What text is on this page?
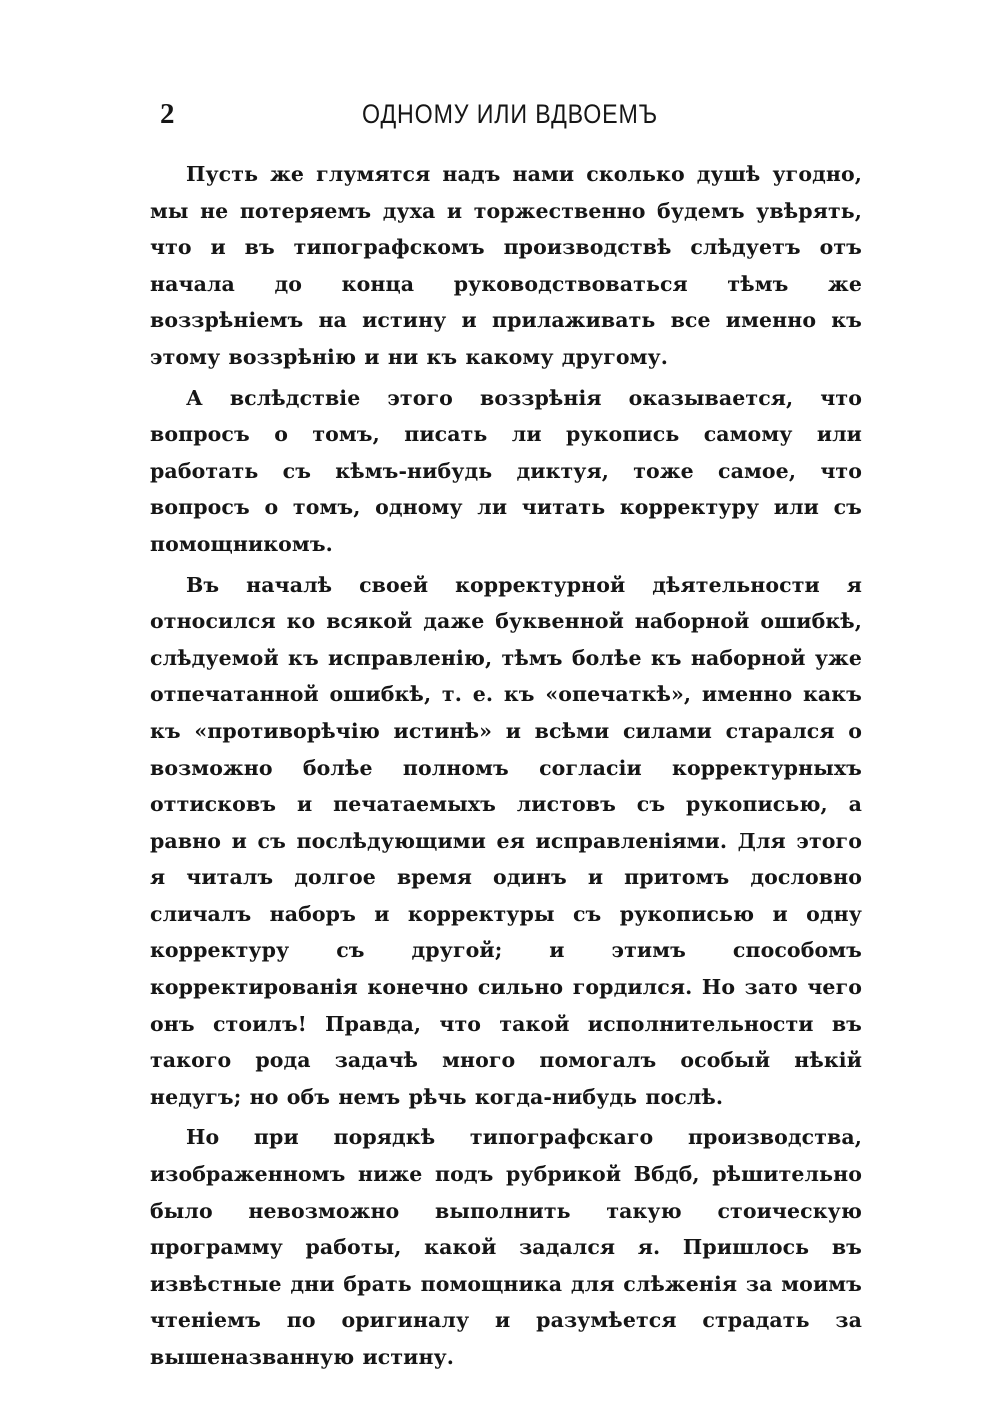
2	ОДНОМУ ИЛИ ВДВОЕМЪ

Пусть же глумятся надъ нами сколько душѣ угодно, мы не потеряемъ духа и торжественно будемъ увѣрять, что и въ типографскомъ производствѣ слѣдуетъ отъ начала до конца руководствоваться тѣмъ же воззрѣніемъ на истину и прилаживать все именно къ этому воззрѣнію и ни къ какому другому.

А вслѣдствіе этого воззрѣнія оказывается, что вопросъ о томъ, писать ли рукопись самому или работать съ кѣмъ-нибудь диктуя, тоже самое, что вопросъ о томъ, одному ли читать корректуру или съ помощникомъ.

Въ началѣ своей корректурной дѣятельности я относился ко всякой даже буквенной наборной ошибкѣ, слѣдуемой къ исправленію, тѣмъ болѣе къ наборной уже отпечатанной ошибкѣ, т. е. къ «опечаткѣ», именно какъ къ «противорѣчію истинѣ» и всѣми силами старался о возможно болѣе полномъ согласіи корректурныхъ оттисковъ и печатаемыхъ листовъ съ рукописью, а равно и съ послѣдующими ея исправленіями. Для этого я читалъ долгое время одинъ и притомъ дословно сличалъ наборъ и корректуры съ рукописью и одну корректуру съ другой; и этимъ способомъ корректированія конечно сильно гордился. Но зато чего онъ стоилъ! Правда, что такой исполнительности въ такого рода задачѣ много помогалъ особый нѣкій недугъ; но объ немъ рѣчь когда-нибудь послѣ.

Но при порядкѣ типографскаго производства, изображенномъ ниже подъ рубрикой Вбдб, рѣшительно было невозможно выполнить такую стоическую программу работы, какой задался я. Пришлось въ извѣстные дни брать помощника для слѣженія за моимъ чтеніемъ по оригиналу и разумѣется страдать за вышеназванную истину.
